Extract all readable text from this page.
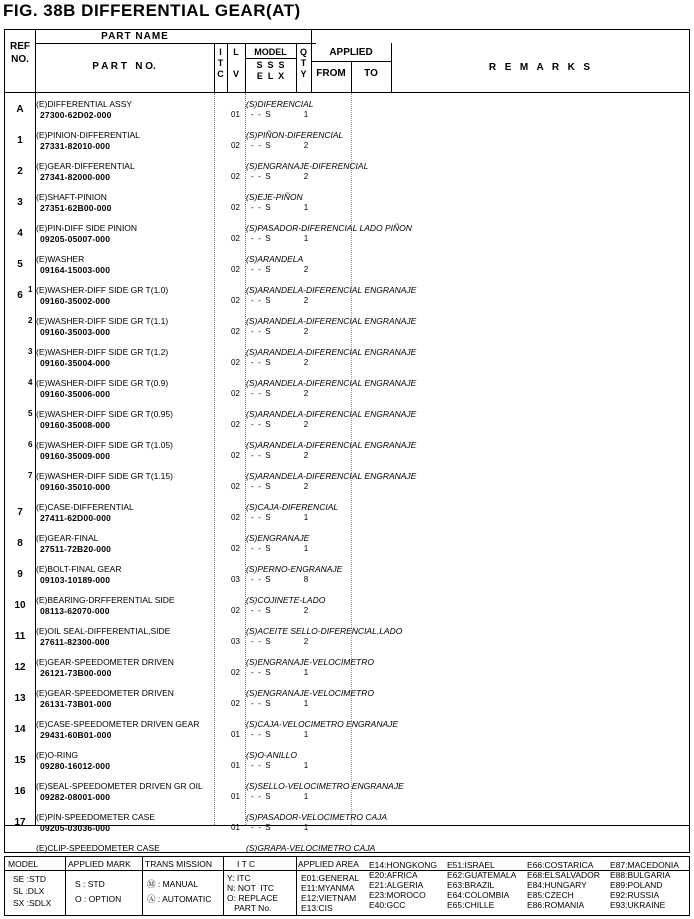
FIG. 38B DIFFERENTIAL GEAR(AT)
REF
NO.
PART NAME
P A R T   N O.
I
T
C
L

V
MODEL
S  S  S
E  L  X
Q
T
Y
APPLIED
FROM	TO
R  E  M  A  R  K  S
A	(E)DIFFERENTIAL ASSY
27300-62D02-000	01 -  -  S	1
(S)DIFERENCIAL
1	(E)PINION-DIFFERENTIAL
27331-82010-000	02 -  -  S	2
(S)PIÑON-DIFERENCIAL
2	(E)GEAR-DIFFERENTIAL
27341-82000-000	02 -  -  S	2
(S)ENGRANAJE-DIFERENCIAL
3	(E)SHAFT-PINION
27351-62B00-000	02 -  -  S	1
(S)EJE-PIÑON
4	(E)PIN-DIFF SIDE PINION
09205-05007-000	02 -  -  S	1
(S)PASADOR-DIFERENCIAL LADO PIÑON
5	(E)WASHER
09164-15003-000	02 -  -  S	2
(S)ARANDELA
6
1 (E)WASHER-DIFF SIDE GR T(1.0)
09160-35002-000	02 -  -  S	2
(S)ARANDELA-DIFERENCIAL ENGRANAJE
2 (E)WASHER-DIFF SIDE GR T(1.1)
09160-35003-000	02 -  -  S	2
(S)ARANDELA-DIFERENCIAL ENGRANAJE
3 (E)WASHER-DIFF SIDE GR T(1.2)
09160-35004-000	02 -  -  S	2
(S)ARANDELA-DIFERENCIAL ENGRANAJE
4 (E)WASHER-DIFF SIDE GR T(0.9)
09160-35006-000	02 -  -  S	2
(S)ARANDELA-DIFERENCIAL ENGRANAJE
5 (E)WASHER-DIFF SIDE GR T(0.95)
09160-35008-000	02 -  -  S	2
(S)ARANDELA-DIFERENCIAL ENGRANAJE
6 (E)WASHER-DIFF SIDE GR T(1.05)
09160-35009-000	02 -  -  S	2
(S)ARANDELA-DIFERENCIAL ENGRANAJE
7 (E)WASHER-DIFF SIDE GR T(1.15)
09160-35010-000	02 -  -  S	2
(S)ARANDELA-DIFERENCIAL ENGRANAJE
7	(E)CASE-DIFFERENTIAL
27411-62D00-000	02 -  -  S	1
(S)CAJA-DIFERENCIAL
8	(E)GEAR-FINAL
27511-72B20-000	02 -  -  S	1
(S)ENGRANAJE
9	(E)BOLT-FINAL GEAR
09103-10189-000	03 -  -  S	8
(S)PERNO-ENGRANAJE
10	(E)BEARING-DRFFERENTIAL SIDE
08113-62070-000	02 -  -  S	2
(S)COJINETE-LADO
11	(E)OIL SEAL-DIFFERENTIAL,SIDE
27611-82300-000	03 -  -  S	2
(S)ACEITE SELLO-DIFERENCIAL,LADO
12	(E)GEAR-SPEEDOMETER DRIVEN
26121-73B00-000	02 -  -  S	1
(S)ENGRANAJE-VELOCIMETRO
13	(E)GEAR-SPEEDOMETER DRIVEN
26131-73B01-000	02 -  -  S	1
(S)ENGRANAJE-VELOCIMETRO
14	(E)CASE-SPEEDOMETER DRIVEN GEAR
29431-60B01-000	01 -  -  S	1
(S)CAJA-VELOCIMETRO ENGRANAJE
15	(E)O-RING
09280-16012-000	01 -  -  S	1
(S)O-ANILLO
16	(E)SEAL-SPEEDOMETER DRIVEN GR OIL
09282-08001-000	01 -  -  S	1
(S)SELLO-VELOCIMETRO ENGRANAJE
17	(E)PIN-SPEEDOMETER CASE
09205-03036-000	01 -  -  S	1
(S)PASADOR-VELOCIMETRO CAJA
(E)CLIP-SPEEDOMETER CASE	(S)GRAPA-VELOCIMETRO CAJA
MODEL
SE :STD
SL :DLX
SX :SDLX
APPLIED MARK
S : STD
O : OPTION
TRANS MISSION
Ⓜ : MANUAL
Ⓐ : AUTOMATIC
I T C
Y: ITC
N: NOT  ITC
O: REPLACE
PART No.
APPLIED AREA
E01:GENERAL
E11:MYANMA
E12:VIETNAM
E13:CIS
E14:HONGKONG
E20:AFRICA
E21:ALGERIA
E23:MOROCO
E40:GCC
E51:ISRAEL
E62:GUATEMALA
E63:BRAZIL
E64:COLOMBIA
E65:CHILLE
E66:COSTARICA
E68:ELSALVADOR
E84:HUNGARY
E85:CZECH
E86:ROMANIA
E87:MACEDONIA
E88:BULGARIA
E89:POLAND
E92:RUSSIA
E93:UKRAINE
